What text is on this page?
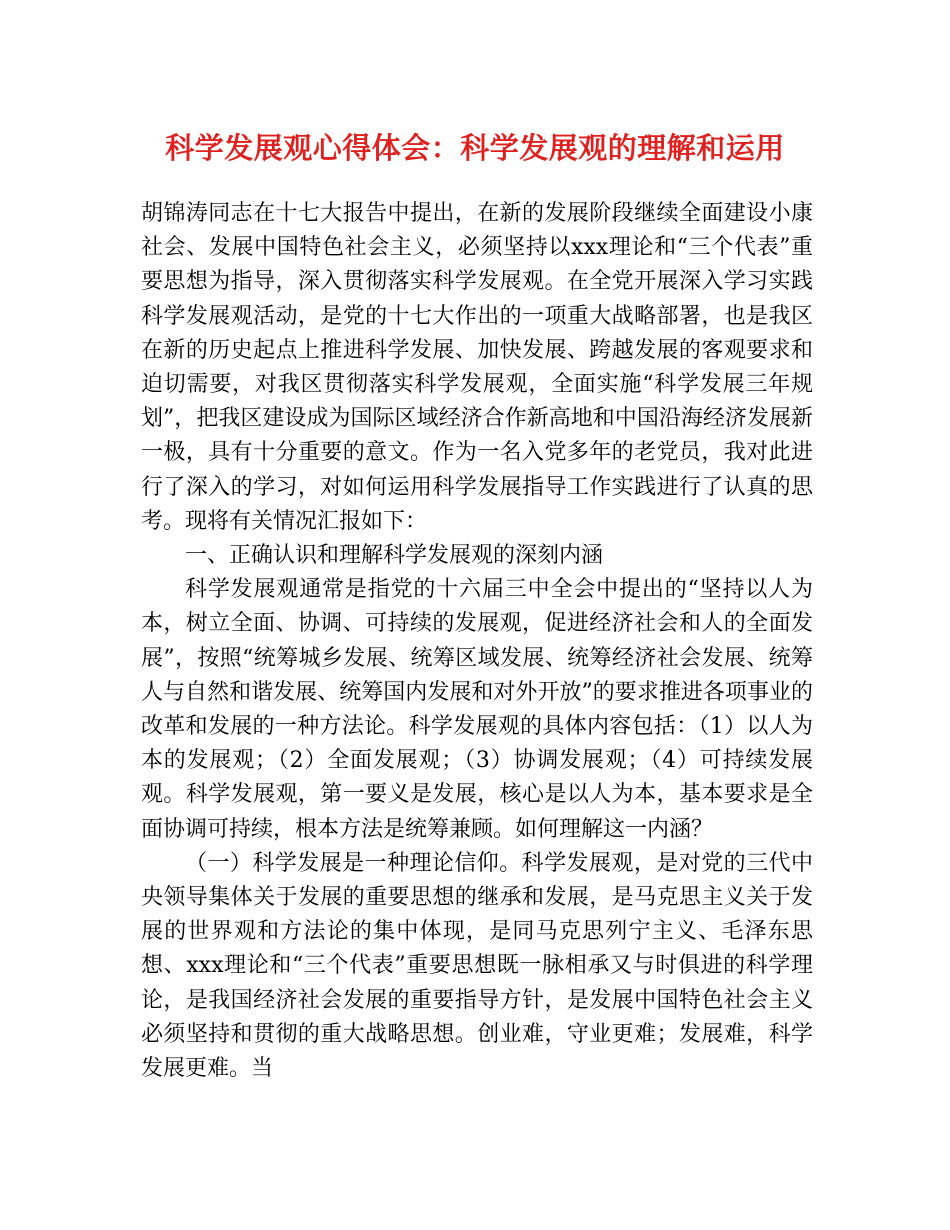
科学发展观心得体会：科学发展观的理解和运用

胡锦涛同志在十七大报告中提出，在新的发展阶段继续全面建设小康社会、发展中国特色社会主义，必须坚持以xxx理论和“三个代表”重要思想为指导，深入贯彻落实科学发展观。在全党开展深入学习实践科学发展观活动，是党的十七大作出的一项重大战略部署，也是我区在新的历史起点上推进科学发展、加快发展、跨越发展的客观要求和迫切需要，对我区贯彻落实科学发展观，全面实施“科学发展三年规划”，把我区建设成为国际区域经济合作新高地和中国沿海经济发展新一极，具有十分重要的意文。作为一名入党多年的老党员，我对此进行了深入的学习，对如何运用科学发展指导工作实践进行了认真的思考。现将有关情况汇报如下：

一、正确认识和理解科学发展观的深刻内涵

科学发展观通常是指党的十六届三中全会中提出的“坚持以人为本，树立全面、协调、可持续的发展观，促进经济社会和人的全面发展”，按照“统筹城乡发展、统筹区域发展、统筹经济社会发展、统筹人与自然和谐发展、统筹国内发展和对外开放”的要求推进各项事业的改革和发展的一种方法论。科学发展观的具体内容包括：（1）以人为本的发展观；（2）全面发展观；（3）协调发展观；（4）可持续发展观。科学发展观，第一要义是发展，核心是以人为本，基本要求是全面协调可持续，根本方法是统筹兼顾。如何理解这一内涵？

（一）科学发展是一种理论信仰。科学发展观，是对党的三代中央领导集体关于发展的重要思想的继承和发展，是马克思主义关于发展的世界观和方法论的集中体现，是同马克思列宁主义、毛泽东思想、xxx理论和“三个代表”重要思想既一脉相承又与时俱进的科学理论，是我国经济社会发展的重要指导方针，是发展中国特色社会主义必须坚持和贯彻的重大战略思想。创业难，守业更难；发展难，科学发展更难。当
